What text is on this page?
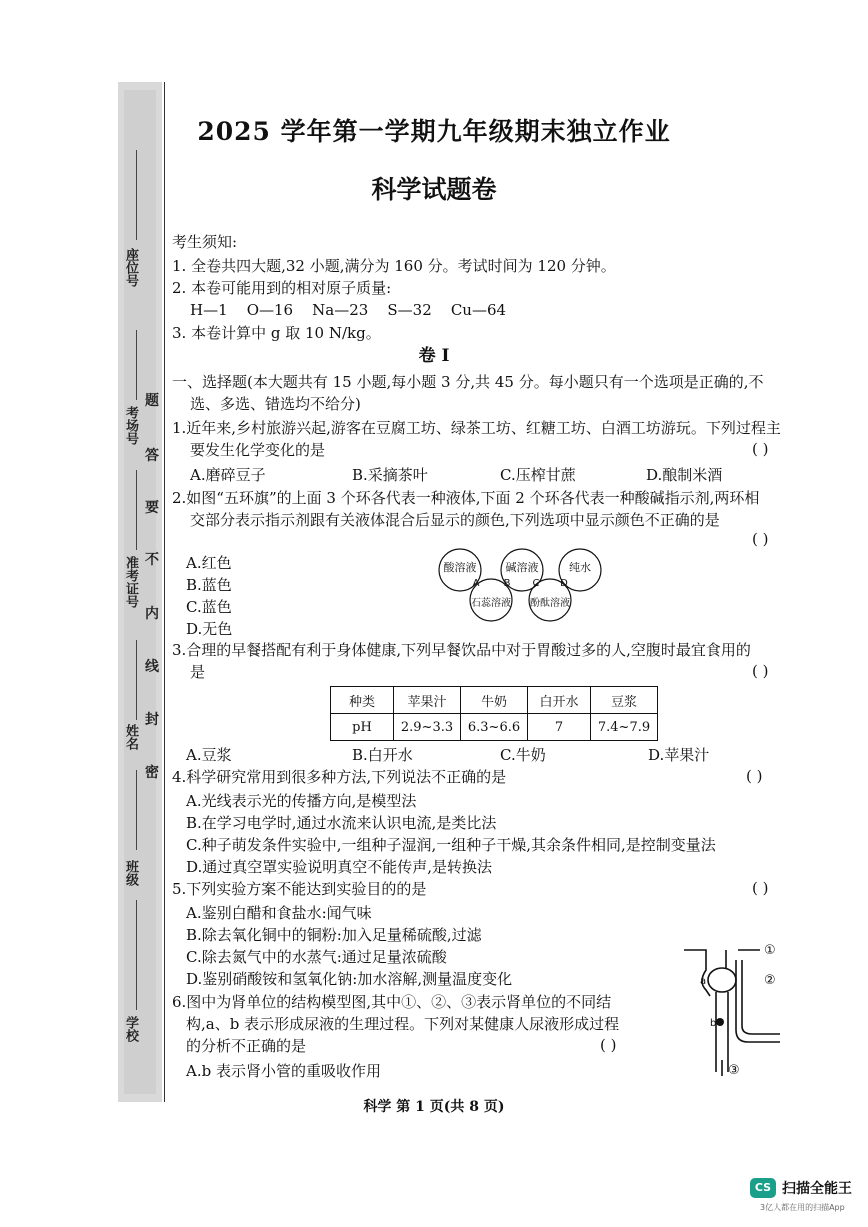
座位号
考场号
准考证号
姓名
班级
学校
题
答
要
不
内
线
封
密
2025 学年第一学期九年级期末独立作业
科学试题卷
考生须知:
1. 全卷共四大题,32 小题,满分为 160 分。考试时间为 120 分钟。
2. 本卷可能用到的相对原子质量:
H—1    O—16    Na—23    S—32    Cu—64
3. 本卷计算中 g 取 10 N/kg。
卷 I
一、选择题(本大题共有 15 小题,每小题 3 分,共 45 分。每小题只有一个选项是正确的,不
选、多选、错选均不给分)
1.近年来,乡村旅游兴起,游客在豆腐工坊、绿茶工坊、红糖工坊、白酒工坊游玩。下列过程主
要发生化学变化的是	( )
A.磨碎豆子	B.采摘茶叶	C.压榨甘蔗	D.酿制米酒
2.如图“五环旗”的上面 3 个环各代表一种液体,下面 2 个环各代表一种酸碱指示剂,两环相
交部分表示指示剂跟有关液体混合后显示的颜色,下列选项中显示颜色不正确的是
( )
A.红色
B.蓝色
C.蓝色
D.无色
酸溶液	碱溶液	纯水
石蕊溶液 酚酞溶液
A B C D
3.合理的早餐搭配有利于身体健康,下列早餐饮品中对于胃酸过多的人,空腹时最宜食用的
是	( )
种类	苹果汁	牛奶	白开水	豆浆
pH	2.9~3.3	6.3~6.6	7	7.4~7.9
A.豆浆	B.白开水	C.牛奶	D.苹果汁
4.科学研究常用到很多种方法,下列说法不正确的是	( )
A.光线表示光的传播方向,是模型法
B.在学习电学时,通过水流来认识电流,是类比法
C.种子萌发条件实验中,一组种子湿润,一组种子干燥,其余条件相同,是控制变量法
D.通过真空罩实验说明真空不能传声,是转换法
5.下列实验方案不能达到实验目的的是	( )
A.鉴别白醋和食盐水:闻气味
B.除去氧化铜中的铜粉:加入足量稀硫酸,过滤
C.除去氮气中的水蒸气:通过足量浓硫酸
D.鉴别硝酸铵和氢氧化钠:加水溶解,测量温度变化
6.图中为肾单位的结构模型图,其中①、②、③表示肾单位的不同结
构,a、b 表示形成尿液的生理过程。下列对某健康人尿液形成过程
的分析不正确的是	( )
A.b 表示肾小管的重吸收作用
①
②
③
a
b
科学 第 1 页(共 8 页)
CS 扫描全能王
3亿人都在用的扫描App
